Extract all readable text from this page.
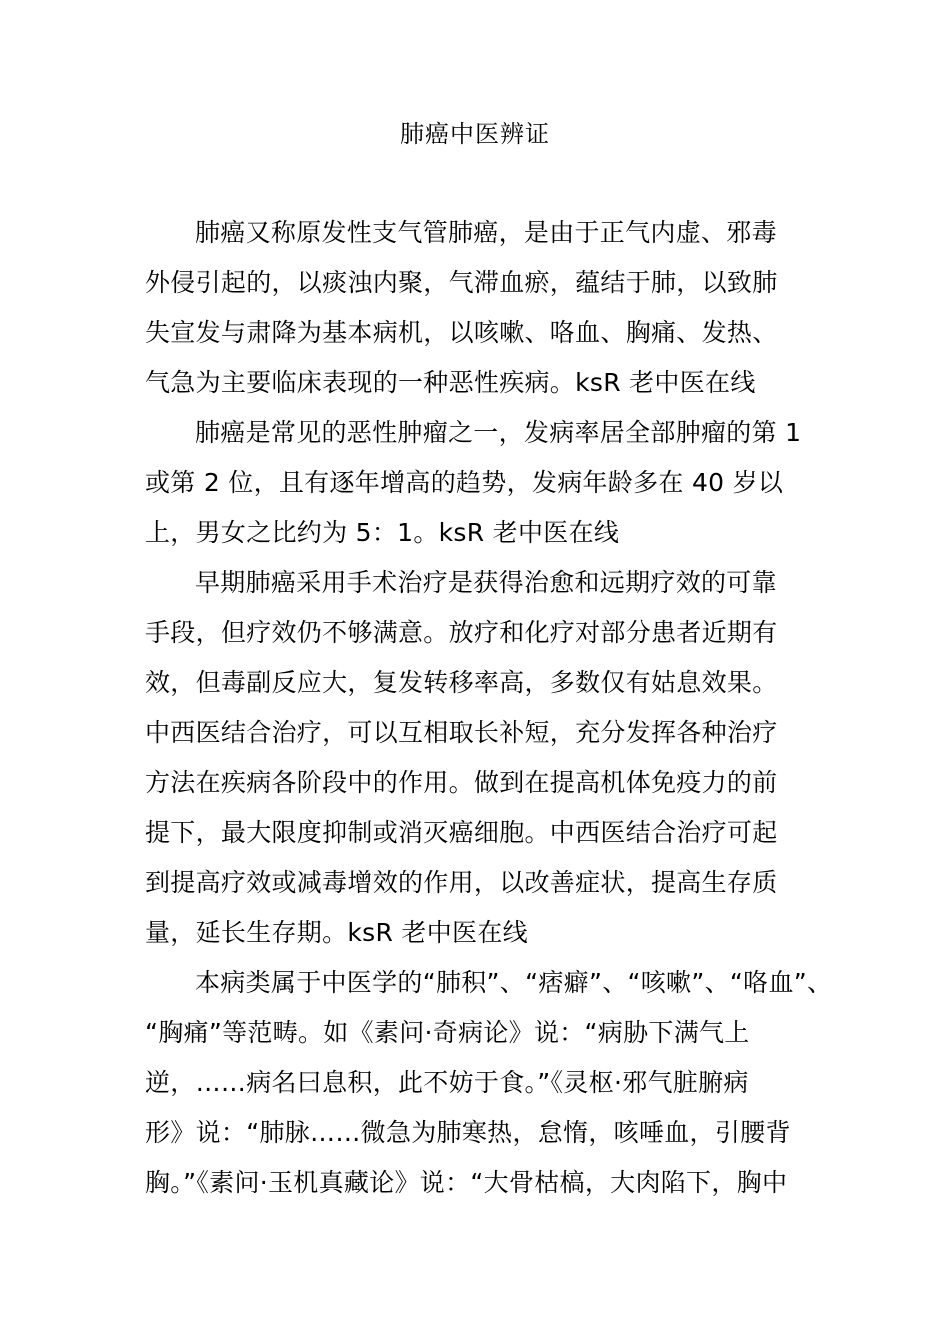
肺癌中医辨证
肺癌又称原发性支气管肺癌，是由于正气内虚、邪毒
外侵引起的，以痰浊内聚，气滞血瘀，蕴结于肺，以致肺
失宣发与肃降为基本病机，以咳嗽、咯血、胸痛、发热、
气急为主要临床表现的一种恶性疾病。ksR 老中医在线
肺癌是常见的恶性肿瘤之一，发病率居全部肿瘤的第 1
或第 2 位，且有逐年增高的趋势，发病年龄多在 40 岁以
上，男女之比约为 5：1。ksR 老中医在线
早期肺癌采用手术治疗是获得治愈和远期疗效的可靠
手段，但疗效仍不够满意。放疗和化疗对部分患者近期有
效，但毒副反应大，复发转移率高，多数仅有姑息效果。
中西医结合治疗，可以互相取长补短，充分发挥各种治疗
方法在疾病各阶段中的作用。做到在提高机体免疫力的前
提下，最大限度抑制或消灭癌细胞。中西医结合治疗可起
到提高疗效或减毒增效的作用，以改善症状，提高生存质
量，延长生存期。ksR 老中医在线
本病类属于中医学的“肺积”、“痞癖”、“咳嗽”、“咯血”、
“胸痛”等范畴。如《素问·奇病论》说：“病胁下满气上
逆，……病名曰息积，此不妨于食。”《灵枢·邪气脏腑病
形》说：“肺脉……微急为肺寒热，怠惰，咳唾血，引腰背
胸。”《素问·玉机真藏论》说：“大骨枯槁，大肉陷下，胸中
